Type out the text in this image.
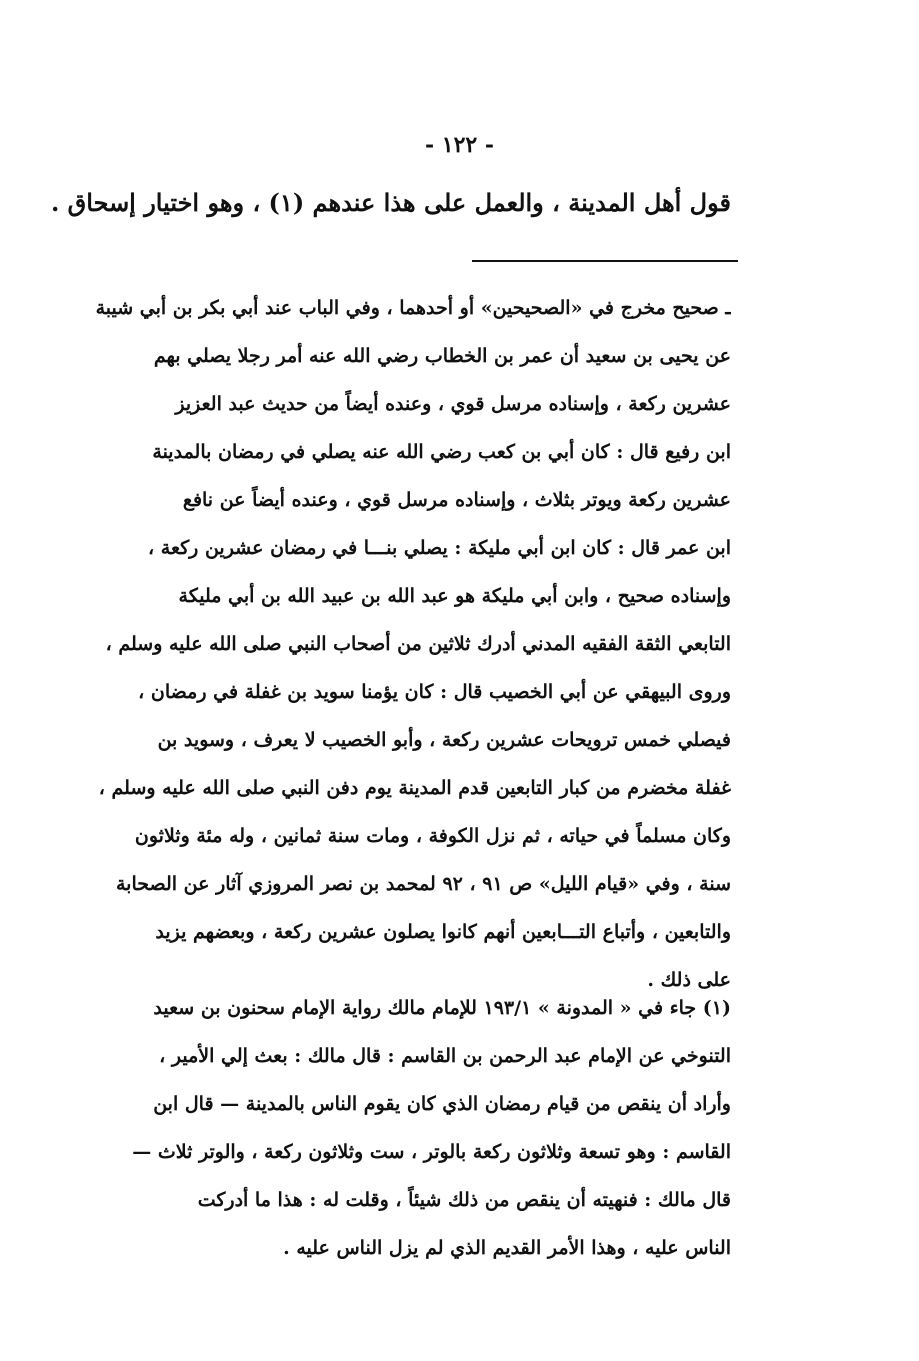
- ١٢٢ -
قول أهل المدينة ، والعمل على هذا عندهم (١) ، وهو اختيار إسحاق .
ـ صحيح مخرج في «الصحيحين» أو أحدهما ، وفي الباب عند أبي بكر بن أبي شيبة
عن يحيى بن سعيد أن عمر بن الخطاب رضي الله عنه أمر رجلا يصلي بهم
عشرين ركعة ، وإسناده مرسل قوي ، وعنده أيضاً من حديث عبد العزيز
ابن رفيع قال : كان أبي بن كعب رضي الله عنه يصلي في رمضان بالمدينة
عشرين ركعة ويوتر بثلاث ، وإسناده مرسل قوي ، وعنده أيضاً عن نافع
ابن عمر قال : كان ابن أبي مليكة : يصلي بنـــا في رمضان عشرين ركعة ،
وإسناده صحيح ، وابن أبي مليكة هو عبد الله بن عبيد الله بن أبي مليكة
التابعي الثقة الفقيه المدني أدرك ثلاثين من أصحاب النبي صلى الله عليه وسلم ،
وروى البيهقي عن أبي الخصيب قال : كان يؤمنا سويد بن غفلة في رمضان ،
فيصلي خمس ترويحات عشرين ركعة ، وأبو الخصيب لا يعرف ، وسويد بن
غفلة مخضرم من كبار التابعين قدم المدينة يوم دفن النبي صلى الله عليه وسلم ،
وكان مسلماً في حياته ، ثم نزل الكوفة ، ومات سنة ثمانين ، وله مئة وثلاثون
سنة ، وفي «قيام الليل» ص ٩١ ، ٩٢ لمحمد بن نصر المروزي آثار عن الصحابة
والتابعين ، وأتباع التـــابعين أنهم كانوا يصلون عشرين ركعة ، وبعضهم يزيد
على ذلك .
(١) جاء في « المدونة » ١٩٣/١ للإمام مالك رواية الإمام سحنون بن سعيد
التنوخي عن الإمام عبد الرحمن بن القاسم : قال مالك : بعث إلي الأمير ،
وأراد أن ينقص من قيام رمضان الذي كان يقوم الناس بالمدينة — قال ابن
القاسم : وهو تسعة وثلاثون ركعة بالوتر ، ست وثلاثون ركعة ، والوتر ثلاث —
قال مالك : فنهيته أن ينقص من ذلك شيئاً ، وقلت له : هذا ما أدركت
الناس عليه ، وهذا الأمر القديم الذي لم يزل الناس عليه .
